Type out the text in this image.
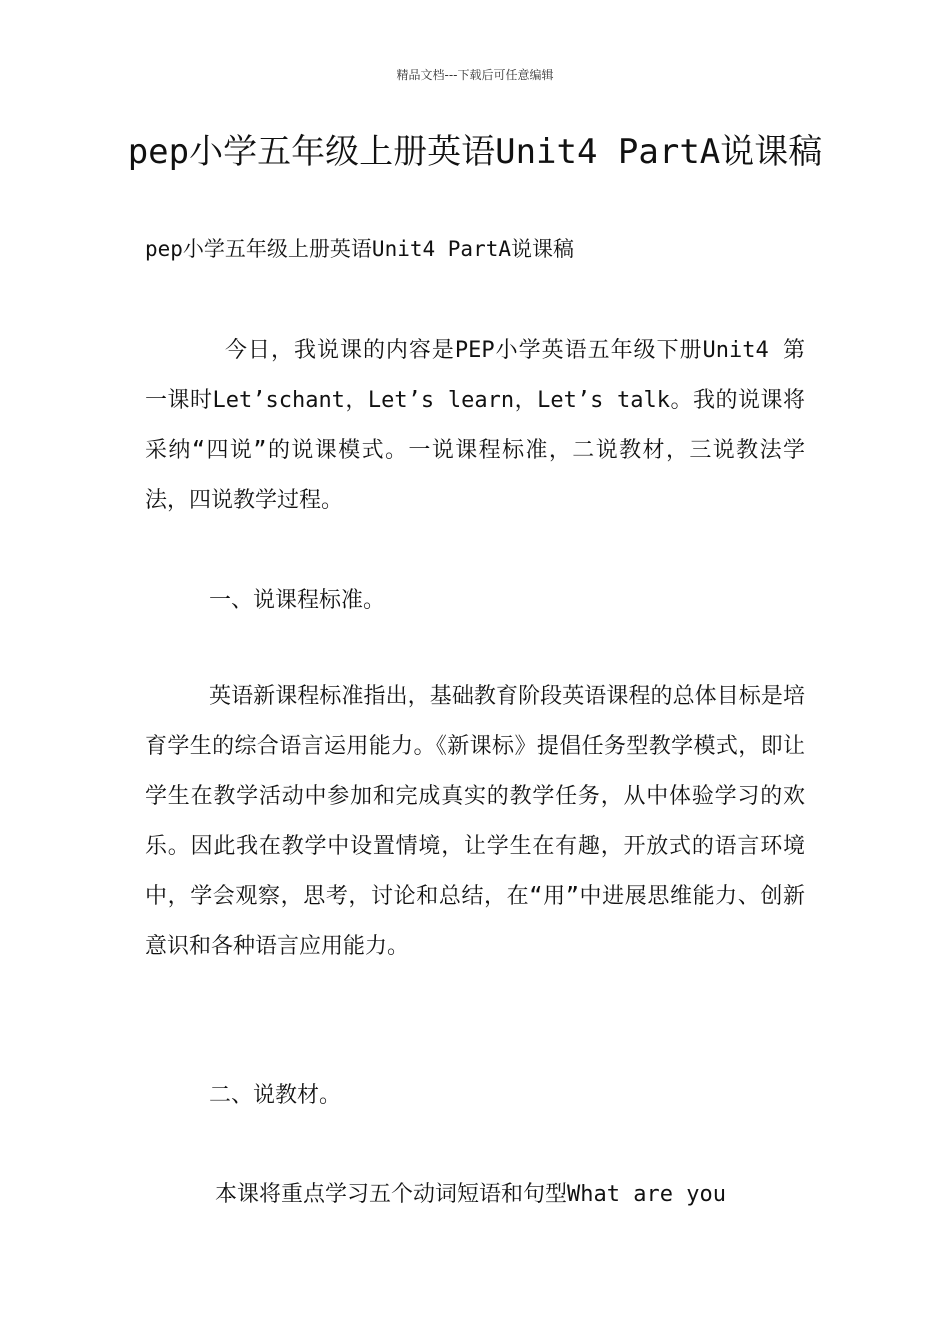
精品文档---下载后可任意编辑
pep小学五年级上册英语Unit4 PartA说课稿
pep小学五年级上册英语Unit4 PartA说课稿

今日，我说课的内容是PEP小学英语五年级下册Unit4 第一课时Let’schant，Let’s learn，Let’s talk。我的说课将采纳“四说”的说课模式。一说课程标准，二说教材，三说教法学法，四说教学过程。

一、说课程标准。

英语新课程标准指出，基础教育阶段英语课程的总体目标是培育学生的综合语言运用能力。《新课标》提倡任务型教学模式，即让学生在教学活动中参加和完成真实的教学任务，从中体验学习的欢乐。因此我在教学中设置情境，让学生在有趣，开放式的语言环境中，学会观察，思考，讨论和总结，在“用”中进展思维能力、创新意识和各种语言应用能力。

二、说教材。

本课将重点学习五个动词短语和句型What are you
